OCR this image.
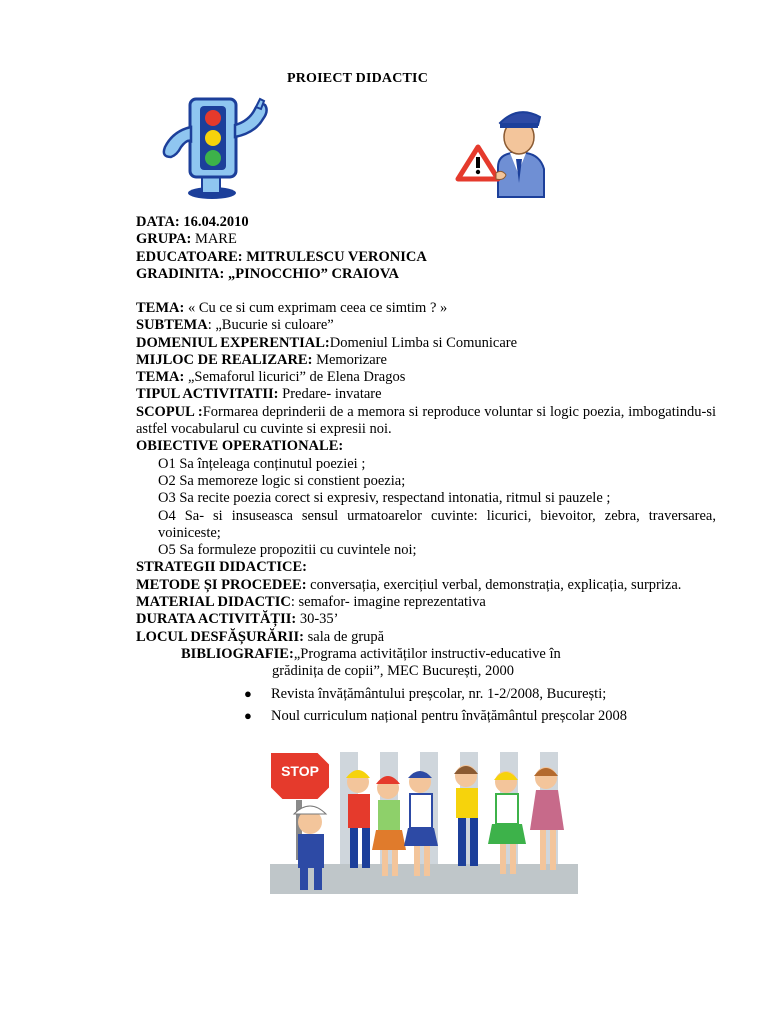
PROIECT DIDACTIC
DATA: 16.04.2010
GRUPA: MARE
EDUCATOARE: MITRULESCU VERONICA
GRADINITA: „PINOCCHIO” CRAIOVA
TEMA: « Cu ce si cum exprimam ceea ce simtim ? »
SUBTEMA: „Bucurie si culoare”
DOMENIUL EXPERENTIAL:Domeniul Limba si Comunicare
MIJLOC DE REALIZARE: Memorizare
TEMA: „Semaforul licurici” de Elena Dragos
TIPUL ACTIVITATII: Predare- invatare
SCOPUL :Formarea deprinderii de a memora si reproduce voluntar si logic poezia, imbogatindu-si astfel vocabularul cu cuvinte si expresii noi.
OBIECTIVE OPERATIONALE:
O1 Sa înțeleaga conținutul poeziei ;
O2 Sa memoreze logic si constient poezia;
O3 Sa recite poezia corect si expresiv, respectand intonatia, ritmul si pauzele ;
O4 Sa- si insuseasca sensul urmatoarelor cuvinte: licurici, bievoitor, zebra, traversarea, voiniceste;
O5 Sa formuleze propozitii cu cuvintele noi;
STRATEGII DIDACTICE:
METODE ȘI PROCEDEE: conversația, exercițiul verbal, demonstrația, explicația, surpriza.
MATERIAL DIDACTIC: semafor- imagine reprezentativa
DURATA ACTIVITĂȚII: 30-35’
LOCUL DESFĂȘURĂRII: sala de grupă
BIBLIOGRAFIE:„Programa activităților instructiv-educative în
grădinița de copii”, MEC București, 2000
●	Revista învățământului preșcolar, nr. 1-2/2008, București;
●	Noul curriculum național pentru învățământul preșcolar 2008
STOP
